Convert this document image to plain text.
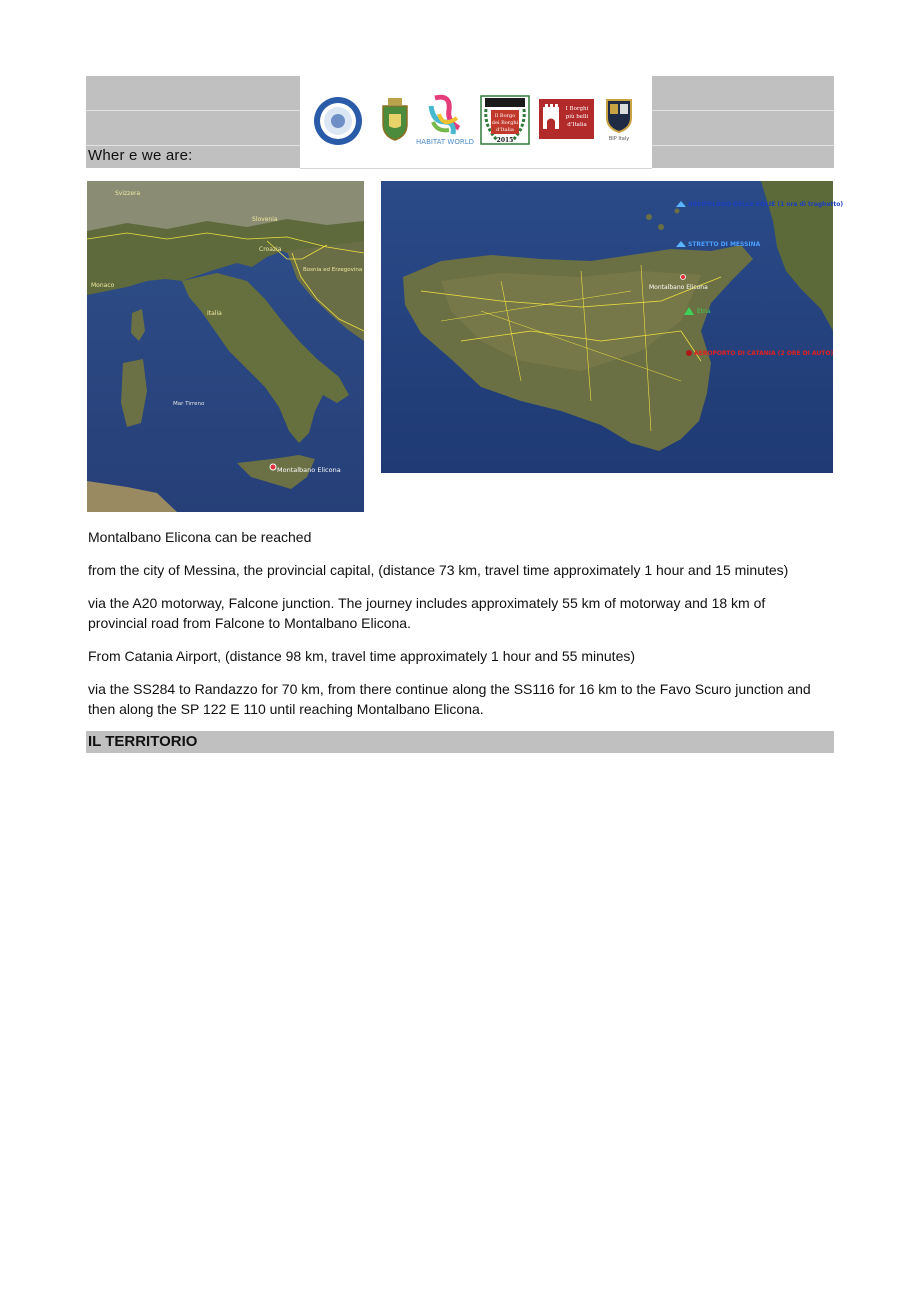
Wher e we are:
HABITAT WORLD
Il Borgo
dei Borghi
d'Italia
2015
I Borghi
più belli
d'Italia
BIP Italy
Svizzera
Slovenia
Croazia
Bosnia ed Erzegovina
Monaco
Italia
Mar Tirreno
Montalbano Elicona
ARCIPELAGO DELLE EOLIE (1 ora di traghetto)
STRETTO DI MESSINA
Montalbano Elicona
Etna
AEROPORTO DI CATANIA (2 ORE DI AUTO)

Montalbano Elicona can be reached

from the city of Messina, the provincial capital, (distance 73 km, travel time approximately 1 hour and 15 minutes)

via the A20 motorway, Falcone junction. The journey includes approximately 55 km of motorway and 18 km of provincial road from Falcone to Montalbano Elicona.

From Catania Airport, (distance 98 km, travel time approximately 1 hour and 55 minutes)

via the SS284 to Randazzo for 70 km, from there continue along the SS116 for 16 km to the Favo Scuro junction and then along the SP 122 E 110 until reaching Montalbano Elicona.

IL TERRITORIO
